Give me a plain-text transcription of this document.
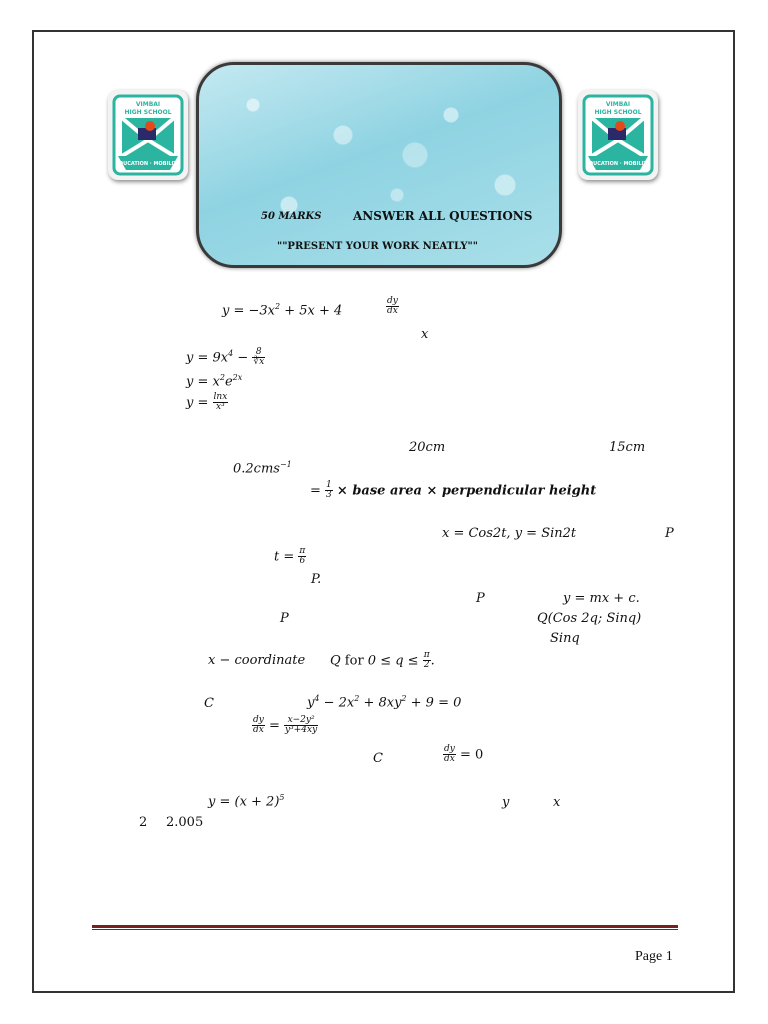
VIMBAI
HIGH SCHOOL
EDUCATION · MOBILITY
VIMBAI
HIGH SCHOOL
EDUCATION · MOBILITY
50 MARKS	ANSWER ALL QUESTIONS
""PRESENT YOUR WORK NEATLY""
$y = -3x^2 + 5x + 4$	$\frac{dy}{dx}$
x
$y = 9x^4 - \frac{8}{∛x}$
$y = x^2e^{2x}$
$y = \frac{\ln x}{\text{x³}}$
20cm	15cm
0.2cms$^{-1}$
= $\frac{1}{3}$ × base area × perpendicular height
x = Cos2t, y = Sin2t	P
$t = \frac{\pi}{6}$
P.
P	y = mx + c.
P	Q(Cos 2q; Sinq)
Sinq
x − coordinate Q for $0 \le q \le \frac{\pi}{2}$ .
C	$y^4 - 2x^2 + 8xy^2 + 9 = 0$
$\frac{dy}{dx} = \frac{\text{x−2y²}}{\text{y³+4xy}}$
C	$\frac{dy}{dx} = 0$
$y = (x + 2)^5$	y	x
2 2.005
Page 1
